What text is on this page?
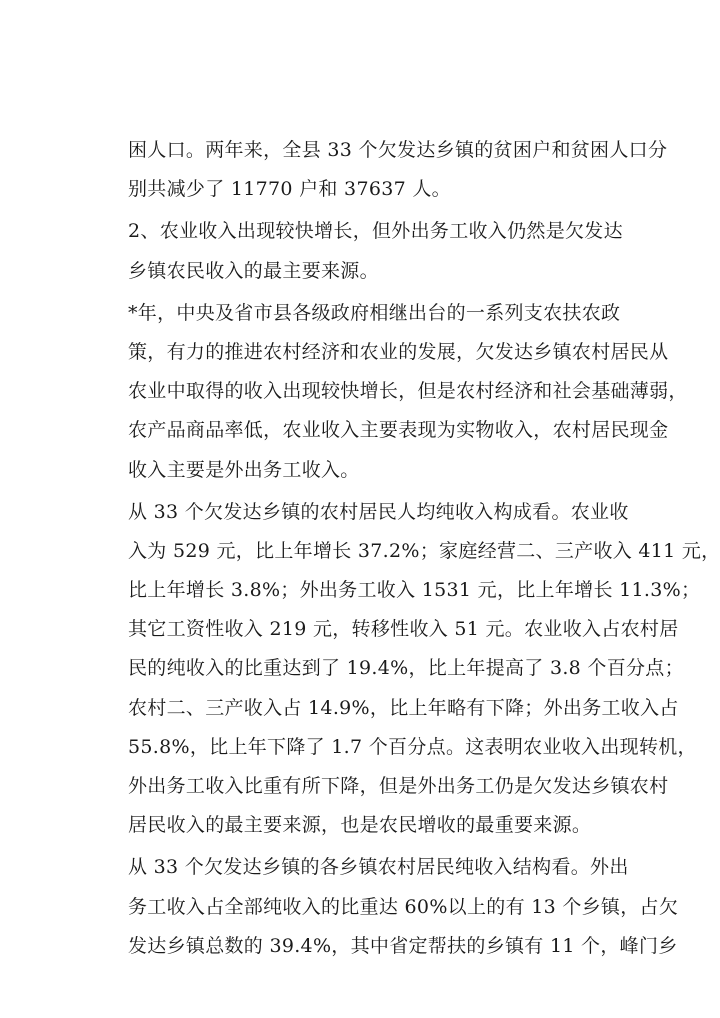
困人口。两年来，全县 33 个欠发达乡镇的贫困户和贫困人口分
别共减少了 11770 户和 37637 人。
2、农业收入出现较快增长，但外出务工收入仍然是欠发达
乡镇农民收入的最主要来源。
*年，中央及省市县各级政府相继出台的一系列支农扶农政
策，有力的推进农村经济和农业的发展，欠发达乡镇农村居民从
农业中取得的收入出现较快增长，但是农村经济和社会基础薄弱，
农产品商品率低，农业收入主要表现为实物收入，农村居民现金
收入主要是外出务工收入。
从 33 个欠发达乡镇的农村居民人均纯收入构成看。农业收
入为 529 元，比上年增长 37.2%；家庭经营二、三产收入 411 元，
比上年增长 3.8%；外出务工收入 1531 元，比上年增长 11.3%；
其它工资性收入 219 元，转移性收入 51 元。农业收入占农村居
民的纯收入的比重达到了 19.4%，比上年提高了 3.8 个百分点；
农村二、三产收入占 14.9%，比上年略有下降；外出务工收入占
55.8%，比上年下降了 1.7 个百分点。这表明农业收入出现转机，
外出务工收入比重有所下降，但是外出务工仍是欠发达乡镇农村
居民收入的最主要来源，也是农民增收的最重要来源。
从 33 个欠发达乡镇的各乡镇农村居民纯收入结构看。外出
务工收入占全部纯收入的比重达 60%以上的有 13 个乡镇，占欠
发达乡镇总数的 39.4%，其中省定帮扶的乡镇有 11 个，峰门乡
